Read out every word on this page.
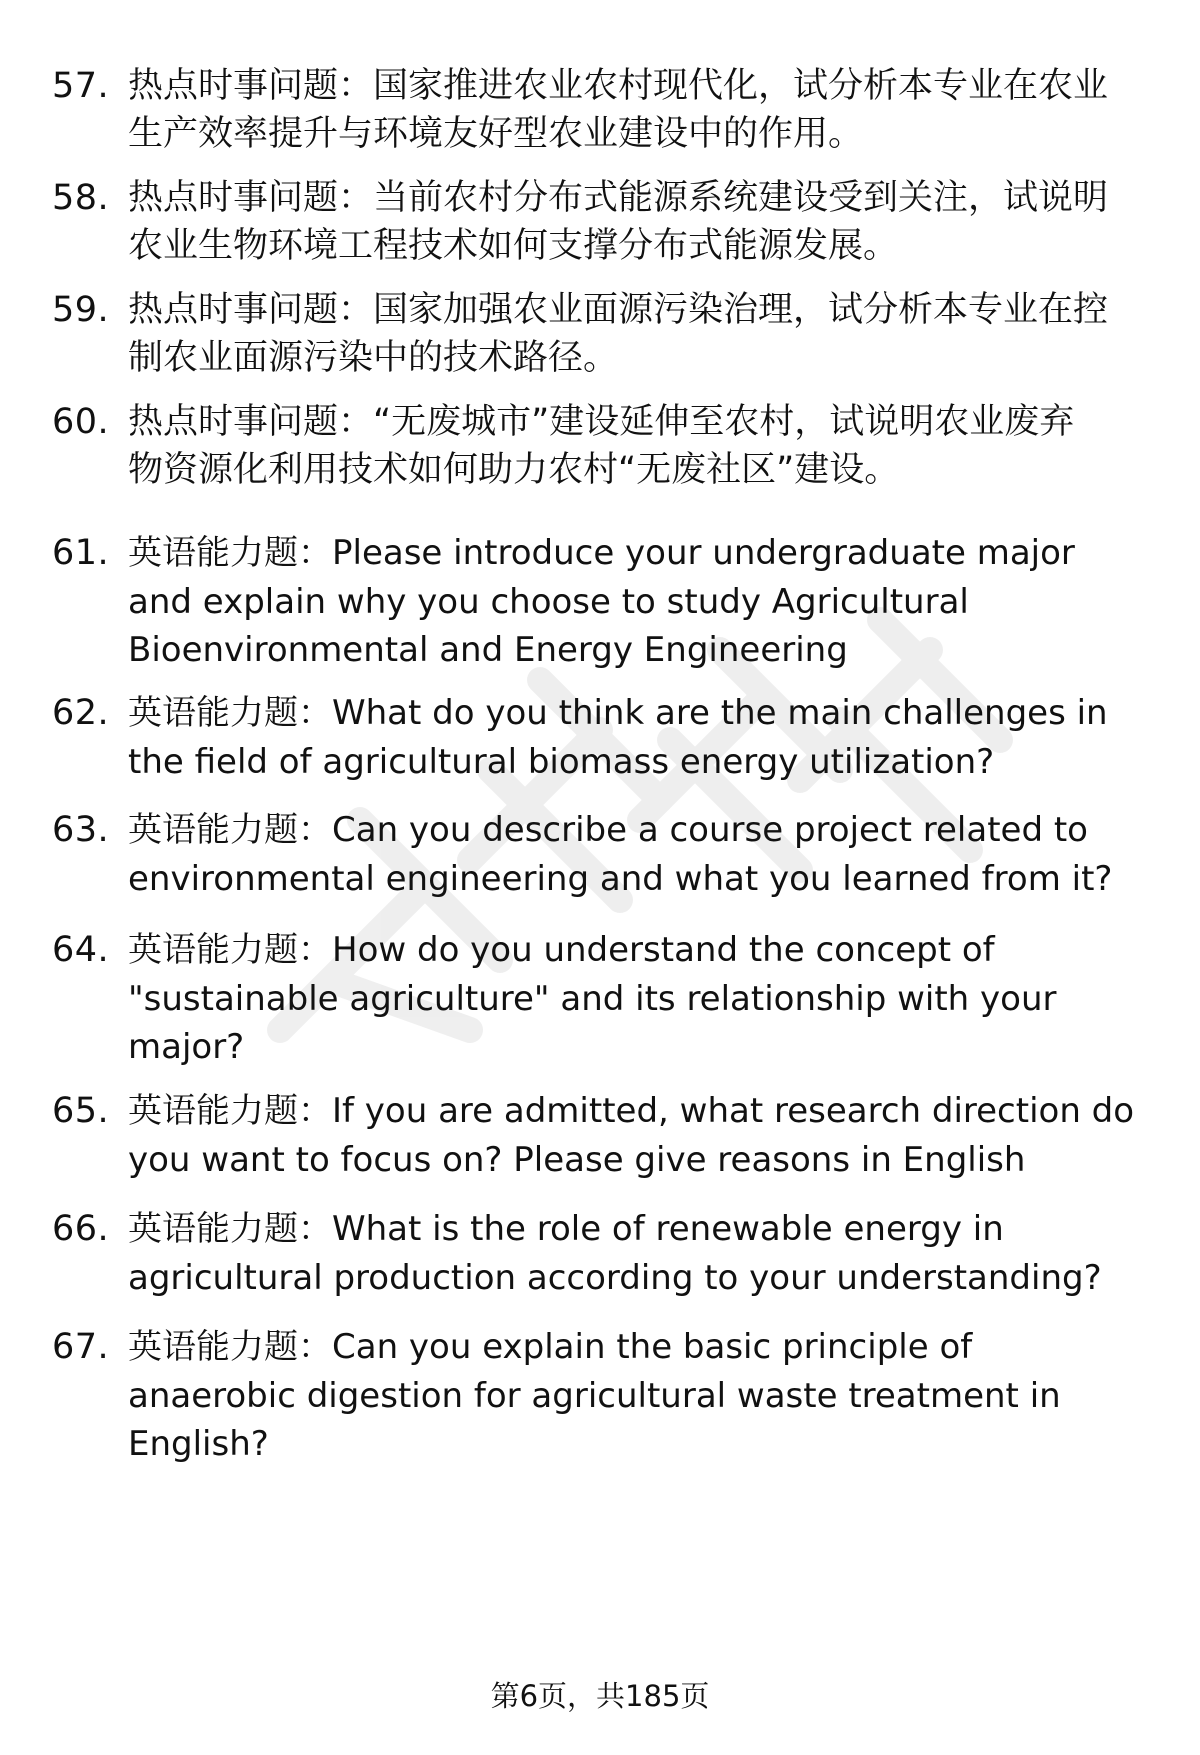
57. 热点时事问题：国家推进农业农村现代化，试分析本专业在农业
生产效率提升与环境友好型农业建设中的作用。
58. 热点时事问题：当前农村分布式能源系统建设受到关注，试说明
农业生物环境工程技术如何支撑分布式能源发展。
59. 热点时事问题：国家加强农业面源污染治理，试分析本专业在控
制农业面源污染中的技术路径。
60. 热点时事问题：“无废城市”建设延伸至农村，试说明农业废弃
物资源化利用技术如何助力农村“无废社区”建设。
61. 英语能力题：Please introduce your undergraduate major
and explain why you choose to study Agricultural
Bioenvironmental and Energy Engineering
62. 英语能力题：What do you think are the main challenges in
the field of agricultural biomass energy utilization?
63. 英语能力题：Can you describe a course project related to
environmental engineering and what you learned from it?
64. 英语能力题：How do you understand the concept of
"sustainable agriculture" and its relationship with your
major?
65. 英语能力题：If you are admitted, what research direction do
you want to focus on? Please give reasons in English
66. 英语能力题：What is the role of renewable energy in
agricultural production according to your understanding?
67. 英语能力题：Can you explain the basic principle of
anaerobic digestion for agricultural waste treatment in
English?
第6页，共185页
